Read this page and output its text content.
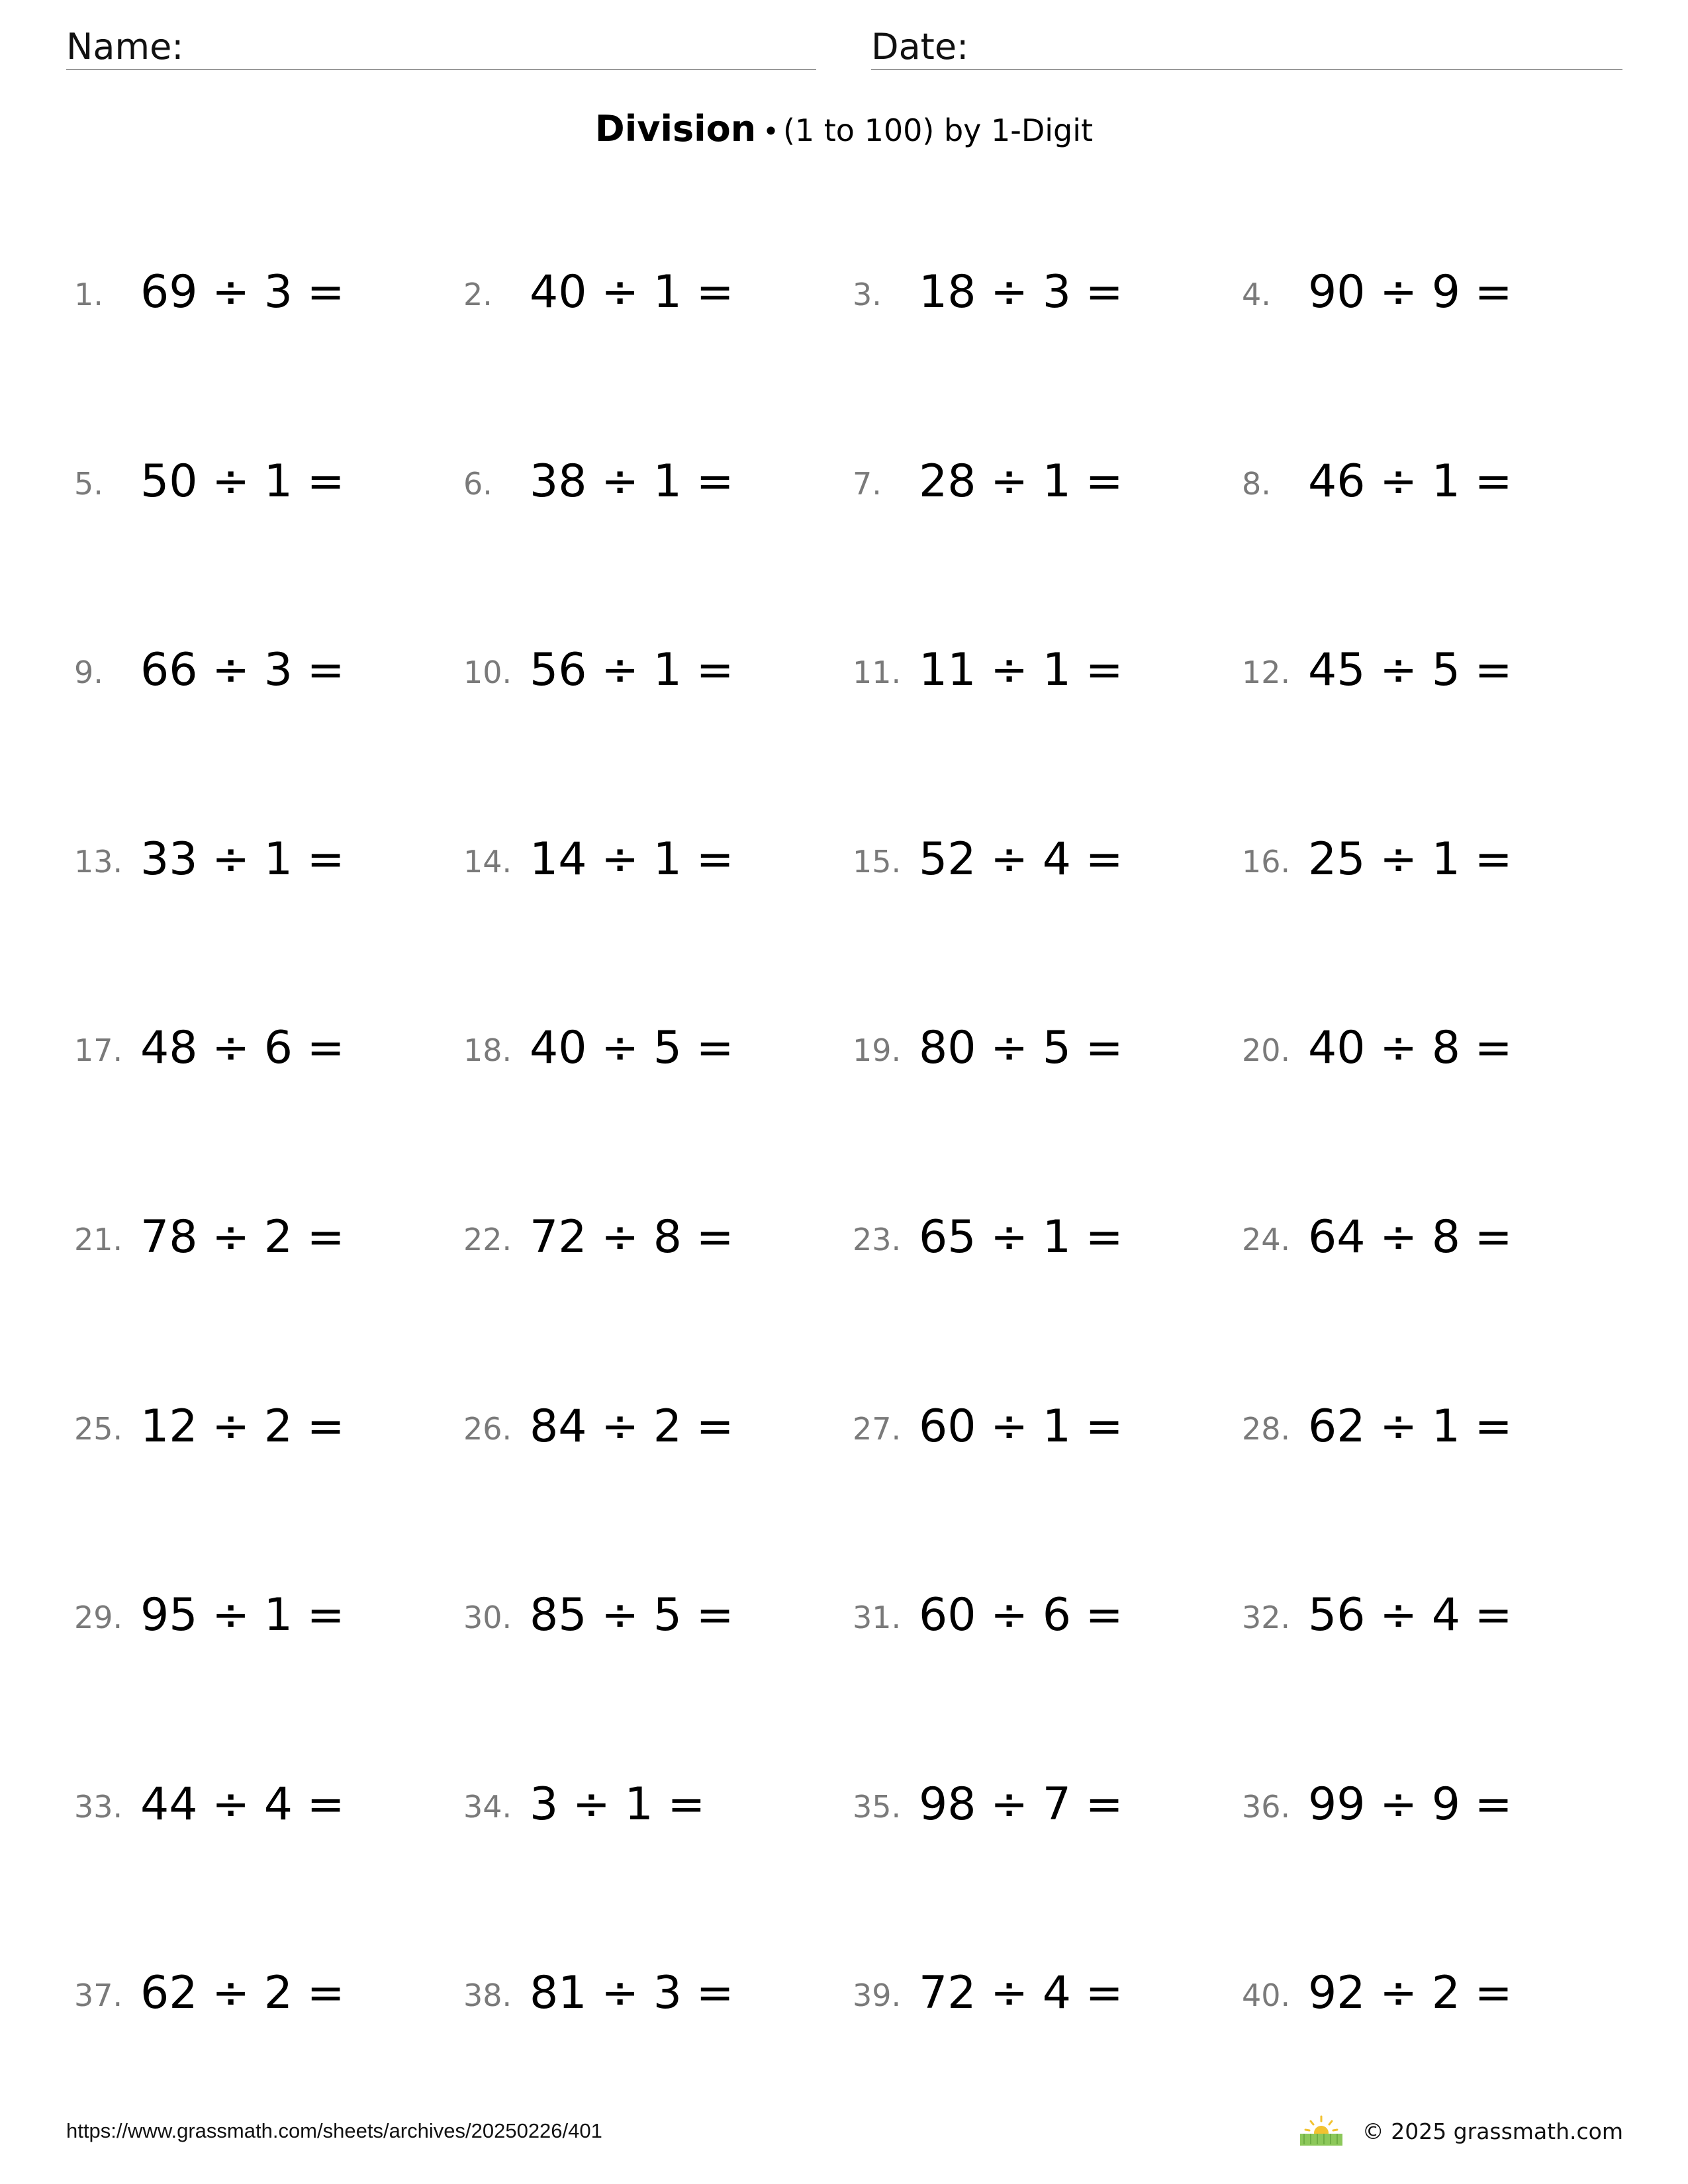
Name:	Date:
Division • (1 to 100) by 1-Digit
1. 69 ÷ 3 =	2. 40 ÷ 1 =	3. 18 ÷ 3 =	4. 90 ÷ 9 =
5. 50 ÷ 1 =	6. 38 ÷ 1 =	7. 28 ÷ 1 =	8. 46 ÷ 1 =
9. 66 ÷ 3 =	10. 56 ÷ 1 =	11. 11 ÷ 1 =	12. 45 ÷ 5 =
13. 33 ÷ 1 =	14. 14 ÷ 1 =	15. 52 ÷ 4 =	16. 25 ÷ 1 =
17. 48 ÷ 6 =	18. 40 ÷ 5 =	19. 80 ÷ 5 =	20. 40 ÷ 8 =
21. 78 ÷ 2 =	22. 72 ÷ 8 =	23. 65 ÷ 1 =	24. 64 ÷ 8 =
25. 12 ÷ 2 =	26. 84 ÷ 2 =	27. 60 ÷ 1 =	28. 62 ÷ 1 =
29. 95 ÷ 1 =	30. 85 ÷ 5 =	31. 60 ÷ 6 =	32. 56 ÷ 4 =
33. 44 ÷ 4 =	34. 3 ÷ 1 =	35. 98 ÷ 7 =	36. 99 ÷ 9 =
37. 62 ÷ 2 =	38. 81 ÷ 3 =	39. 72 ÷ 4 =	40. 92 ÷ 2 =
https://www.grassmath.com/sheets/archives/20250226/401	© 2025 grassmath.com
